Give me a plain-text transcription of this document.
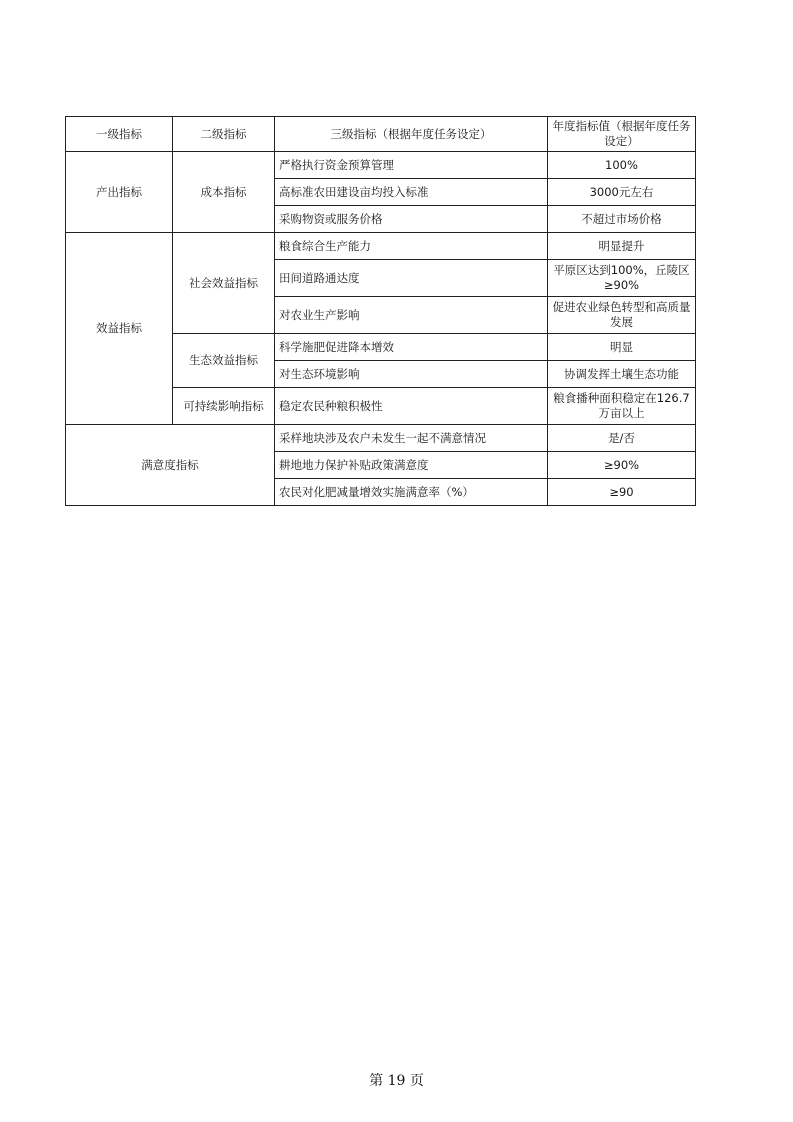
一级指标	二级指标	三级指标（根据年度任务设定）	年度指标值（根据年度任务设定）
产出指标	成本指标	严格执行资金预算管理	100%
		高标准农田建设亩均投入标准	3000元左右
		采购物资或服务价格	不超过市场价格
效益指标	社会效益指标	粮食综合生产能力	明显提升
		田间道路通达度	平原区达到100%，丘陵区≥90%
		对农业生产影响	促进农业绿色转型和高质量发展
	生态效益指标	科学施肥促进降本增效	明显
		对生态环境影响	协调发挥土壤生态功能
	可持续影响指标	稳定农民种粮积极性	粮食播种面积稳定在126.7万亩以上
满意度指标		采样地块涉及农户未发生一起不满意情况	是/否
		耕地地力保护补贴政策满意度	≥90%
		农民对化肥减量增效实施满意率（%）	≥90
第 19 页
